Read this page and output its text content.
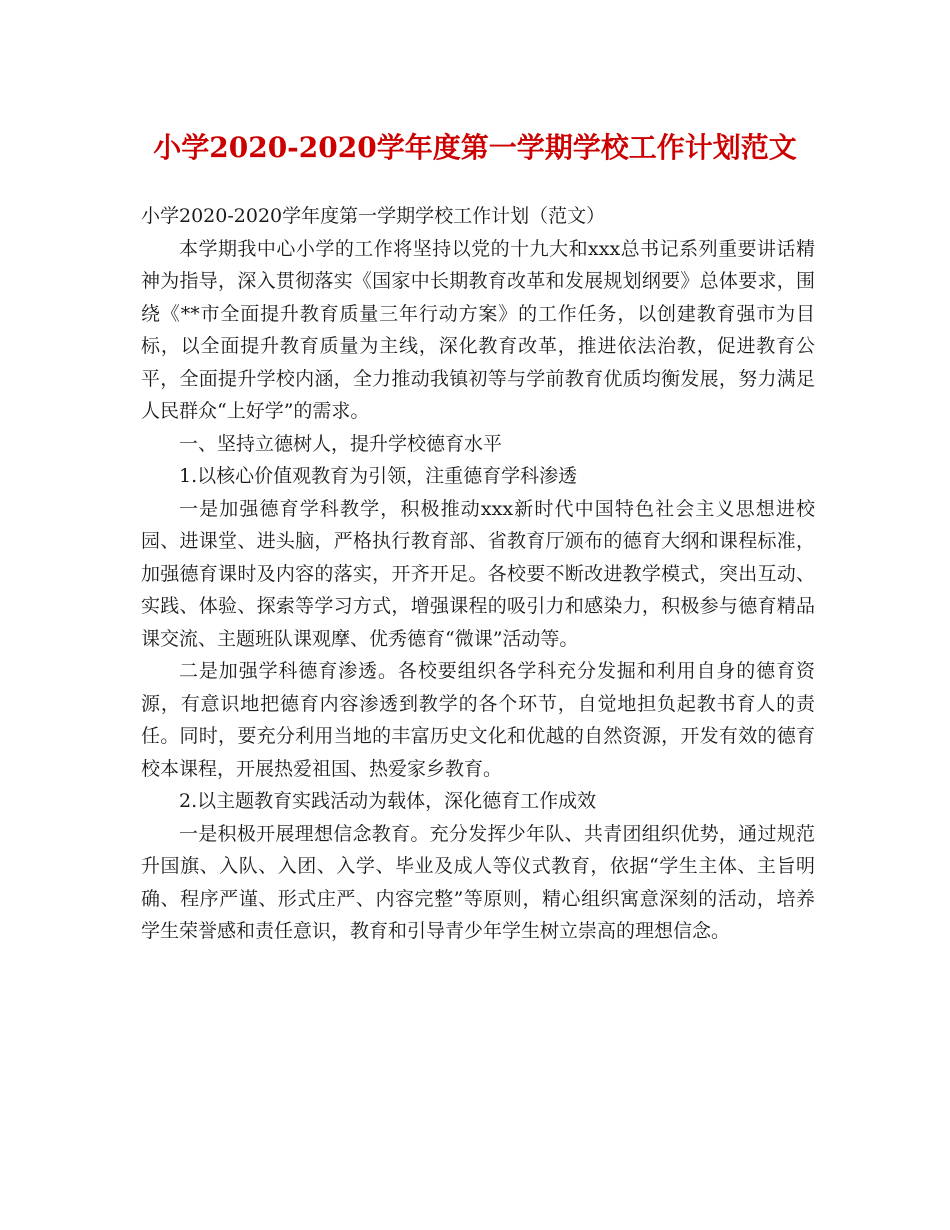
小学2020-2020学年度第一学期学校工作计划范文

小学2020-2020学年度第一学期学校工作计划（范文）

本学期我中心小学的工作将坚持以党的十九大和xxx总书记系列重要讲话精神为指导，深入贯彻落实《国家中长期教育改革和发展规划纲要》总体要求，围绕《**市全面提升教育质量三年行动方案》的工作任务，以创建教育强市为目标，以全面提升教育质量为主线，深化教育改革，推进依法治教，促进教育公平，全面提升学校内涵，全力推动我镇初等与学前教育优质均衡发展，努力满足人民群众“上好学”的需求。

一、坚持立德树人，提升学校德育水平

1.以核心价值观教育为引领，注重德育学科渗透

一是加强德育学科教学，积极推动xxx新时代中国特色社会主义思想进校园、进课堂、进头脑，严格执行教育部、省教育厅颁布的德育大纲和课程标准，加强德育课时及内容的落实，开齐开足。各校要不断改进教学模式，突出互动、实践、体验、探索等学习方式，增强课程的吸引力和感染力，积极参与德育精品课交流、主题班队课观摩、优秀德育“微课”活动等。

二是加强学科德育渗透。各校要组织各学科充分发掘和利用自身的德育资源，有意识地把德育内容渗透到教学的各个环节，自觉地担负起教书育人的责任。同时，要充分利用当地的丰富历史文化和优越的自然资源，开发有效的德育校本课程，开展热爱祖国、热爱家乡教育。

2.以主题教育实践活动为载体，深化德育工作成效

一是积极开展理想信念教育。充分发挥少年队、共青团组织优势，通过规范升国旗、入队、入团、入学、毕业及成人等仪式教育，依据“学生主体、主旨明确、程序严谨、形式庄严、内容完整”等原则，精心组织寓意深刻的活动，培养学生荣誉感和责任意识，教育和引导青少年学生树立崇高的理想信念。
